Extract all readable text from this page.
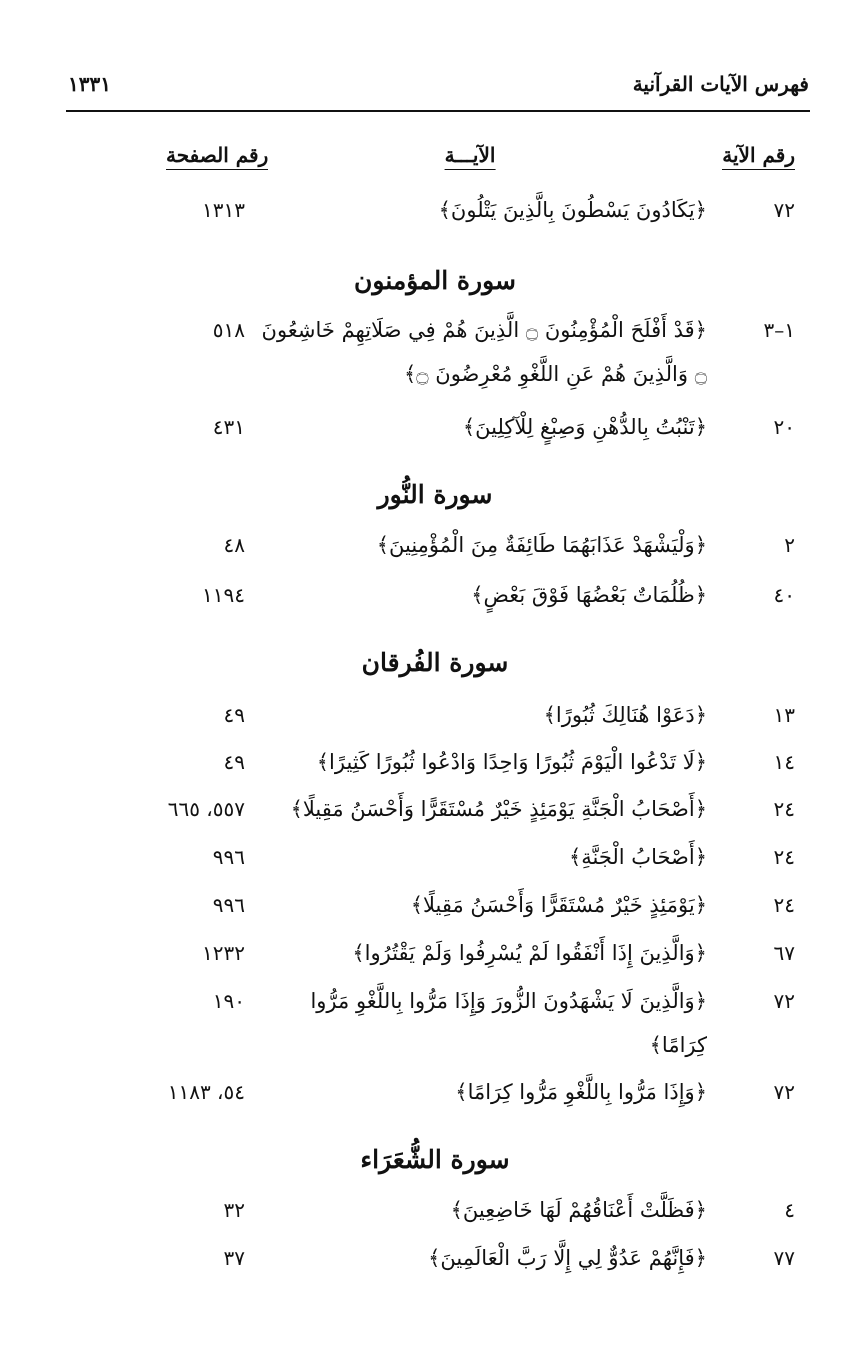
فهرس الآيات القرآنية
١٣٣١
رقم الآية
الآيـــة
رقم الصفحة
٧٢
﴿يَكَادُونَ يَسْطُونَ بِالَّذِينَ يَتْلُونَ﴾
١٣١٣
سورة المؤمنون
١–٣
﴿قَدْ أَفْلَحَ الْمُؤْمِنُونَ ۝ الَّذِينَ هُمْ فِي صَلَاتِهِمْ خَاشِعُونَ
٥١٨
۝ وَالَّذِينَ هُمْ عَنِ اللَّغْوِ مُعْرِضُونَ ۝﴾
٢٠
﴿تَنْبُتُ بِالدُّهْنِ وَصِبْغٍ لِلْآكِلِينَ﴾
٤٣١
سورة النُّور
٢
﴿وَلْيَشْهَدْ عَذَابَهُمَا طَائِفَةٌ مِنَ الْمُؤْمِنِينَ﴾
٤٨
٤٠
﴿ظُلُمَاتٌ بَعْضُهَا فَوْقَ بَعْضٍ﴾
١١٩٤
سورة الفُرقان
١٣
﴿دَعَوْا هُنَالِكَ ثُبُورًا﴾
٤٩
١٤
﴿لَا تَدْعُوا الْيَوْمَ ثُبُورًا وَاحِدًا وَادْعُوا ثُبُورًا كَثِيرًا﴾
٤٩
٢٤
﴿أَصْحَابُ الْجَنَّةِ يَوْمَئِذٍ خَيْرٌ مُسْتَقَرًّا وَأَحْسَنُ مَقِيلًا﴾
٥٥٧، ٦٦٥
٢٤
﴿أَصْحَابُ الْجَنَّةِ﴾
٩٩٦
٢٤
﴿يَوْمَئِذٍ خَيْرٌ مُسْتَقَرًّا وَأَحْسَنُ مَقِيلًا﴾
٩٩٦
٦٧
﴿وَالَّذِينَ إِذَا أَنْفَقُوا لَمْ يُسْرِفُوا وَلَمْ يَقْتُرُوا﴾
١٢٣٢
٧٢
﴿وَالَّذِينَ لَا يَشْهَدُونَ الزُّورَ وَإِذَا مَرُّوا بِاللَّغْوِ مَرُّوا
١٩٠
كِرَامًا﴾
٧٢
﴿وَإِذَا مَرُّوا بِاللَّغْوِ مَرُّوا كِرَامًا﴾
٥٤، ١١٨٣
سورة الشُّعَرَاء
٤
﴿فَظَلَّتْ أَعْنَاقُهُمْ لَهَا خَاضِعِينَ﴾
٣٢
٧٧
﴿فَإِنَّهُمْ عَدُوٌّ لِي إِلَّا رَبَّ الْعَالَمِينَ﴾
٣٧
